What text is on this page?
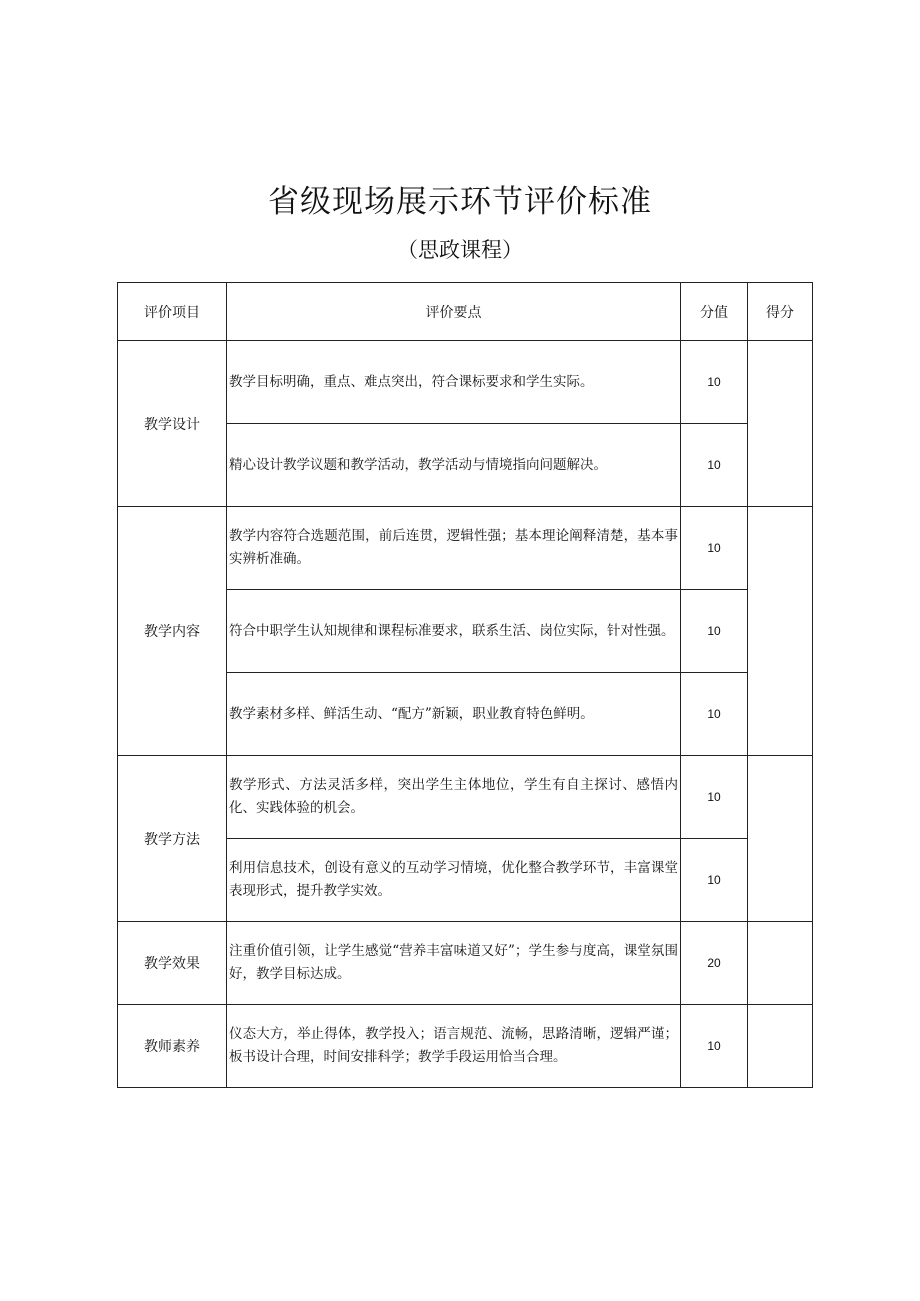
省级现场展示环节评价标准
（思政课程）
评价项目	评价要点	分值	得分
教学设计	教学目标明确，重点、难点突出，符合课标要求和学生实际。	10	
	精心设计教学议题和教学活动，教学活动与情境指向问题解决。	10	
教学内容	教学内容符合选题范围，前后连贯，逻辑性强；基本理论阐释清楚，基本事实辨析准确。	10	
	符合中职学生认知规律和课程标准要求，联系生活、岗位实际，针对性强。	10	
	教学素材多样、鲜活生动、“配方”新颖，职业教育特色鲜明。	10	
教学方法	教学形式、方法灵活多样，突出学生主体地位，学生有自主探讨、感悟内化、实践体验的机会。	10	
	利用信息技术，创设有意义的互动学习情境，优化整合教学环节，丰富课堂表现形式，提升教学实效。	10	
教学效果	注重价值引领，让学生感觉“营养丰富味道又好”；学生参与度高，课堂氛围好，教学目标达成。	20	
教师素养	仪态大方，举止得体，教学投入；语言规范、流畅，思路清晰，逻辑严谨；板书设计合理，时间安排科学；教学手段运用恰当合理。	10	
